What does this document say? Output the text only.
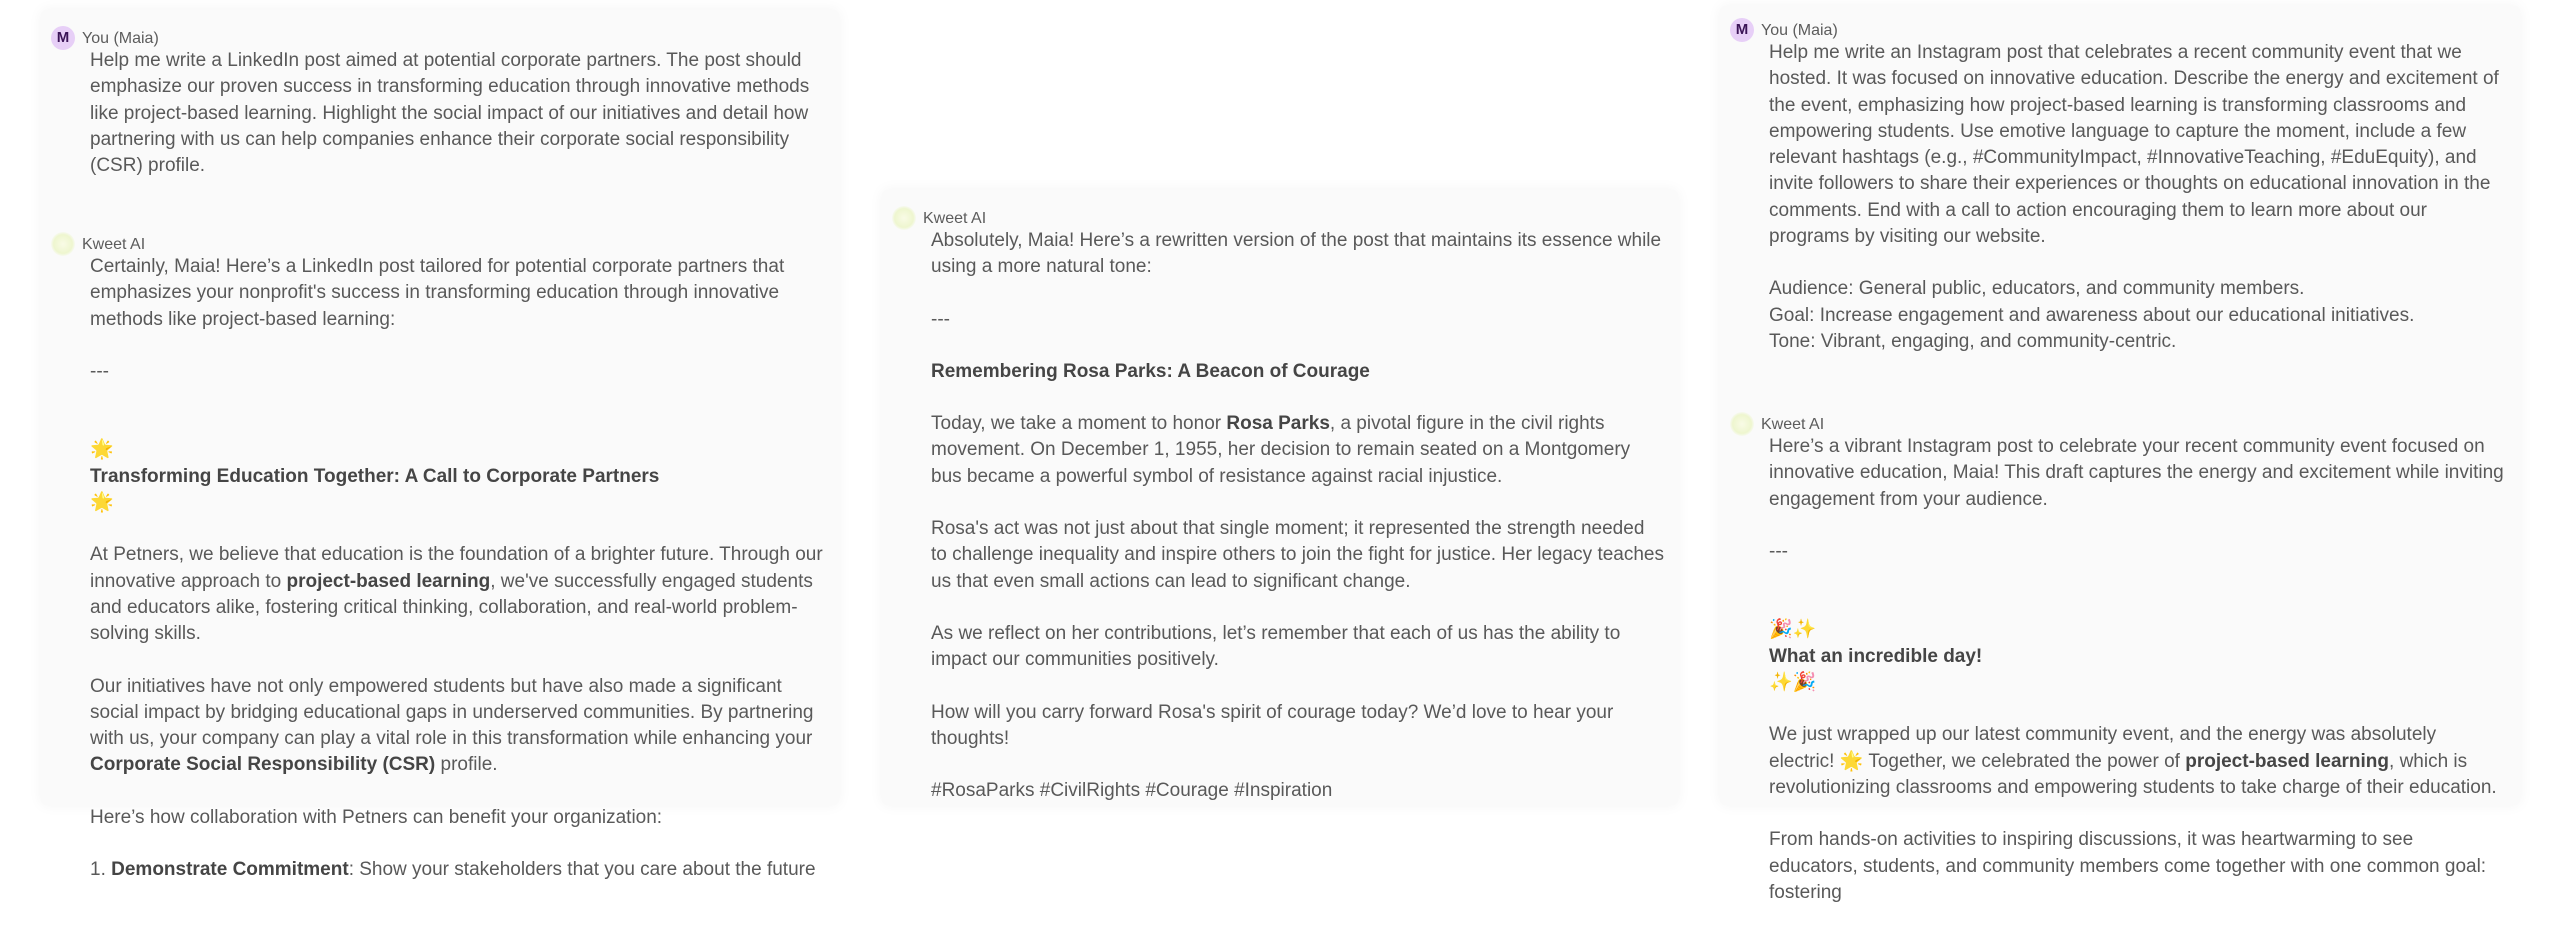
M You (Maia)

Help me write a LinkedIn post aimed at potential corporate partners. The post should emphasize our proven success in transforming education through innovative methods like project-based learning. Highlight the social impact of our initiatives and detail how partnering with us can help companies enhance their corporate social responsibility (CSR) profile.

Kweet AI

Certainly, Maia! Here’s a LinkedIn post tailored for potential corporate partners that emphasizes your nonprofit's success in transforming education through innovative methods like project-based learning:

---

🌟
Transforming Education Together: A Call to Corporate Partners
🌟

At Petners, we believe that education is the foundation of a brighter future. Through our innovative approach to project-based learning, we've successfully engaged students and educators alike, fostering critical thinking, collaboration, and real-world problem-solving skills.

Our initiatives have not only empowered students but have also made a significant social impact by bridging educational gaps in underserved communities. By partnering with us, your company can play a vital role in this transformation while enhancing your Corporate Social Responsibility (CSR) profile.

Here’s how collaboration with Petners can benefit your organization:

1. Demonstrate Commitment: Show your stakeholders that you care about the future

Kweet AI

Absolutely, Maia! Here’s a rewritten version of the post that maintains its essence while using a more natural tone:

---

Remembering Rosa Parks: A Beacon of Courage

Today, we take a moment to honor Rosa Parks, a pivotal figure in the civil rights movement. On December 1, 1955, her decision to remain seated on a Montgomery bus became a powerful symbol of resistance against racial injustice.

Rosa's act was not just about that single moment; it represented the strength needed to challenge inequality and inspire others to join the fight for justice. Her legacy teaches us that even small actions can lead to significant change.

As we reflect on her contributions, let’s remember that each of us has the ability to impact our communities positively.

How will you carry forward Rosa's spirit of courage today? We’d love to hear your thoughts!

#RosaParks #CivilRights #Courage #Inspiration

M You (Maia)

Help me write an Instagram post that celebrates a recent community event that we hosted. It was focused on innovative education. Describe the energy and excitement of the event, emphasizing how project-based learning is transforming classrooms and empowering students. Use emotive language to capture the moment, include a few relevant hashtags (e.g., #CommunityImpact, #InnovativeTeaching, #EduEquity), and invite followers to share their experiences or thoughts on educational innovation in the comments. End with a call to action encouraging them to learn more about our programs by visiting our website.

Audience: General public, educators, and community members.

Goal: Increase engagement and awareness about our educational initiatives.

Tone: Vibrant, engaging, and community-centric.

Kweet AI

Here’s a vibrant Instagram post to celebrate your recent community event focused on innovative education, Maia! This draft captures the energy and excitement while inviting engagement from your audience.

---

🎉✨
What an incredible day!
✨🎉

We just wrapped up our latest community event, and the energy was absolutely electric! 🌟 Together, we celebrated the power of project-based learning, which is revolutionizing classrooms and empowering students to take charge of their education.

From hands-on activities to inspiring discussions, it was heartwarming to see educators, students, and community members come together with one common goal: fostering
